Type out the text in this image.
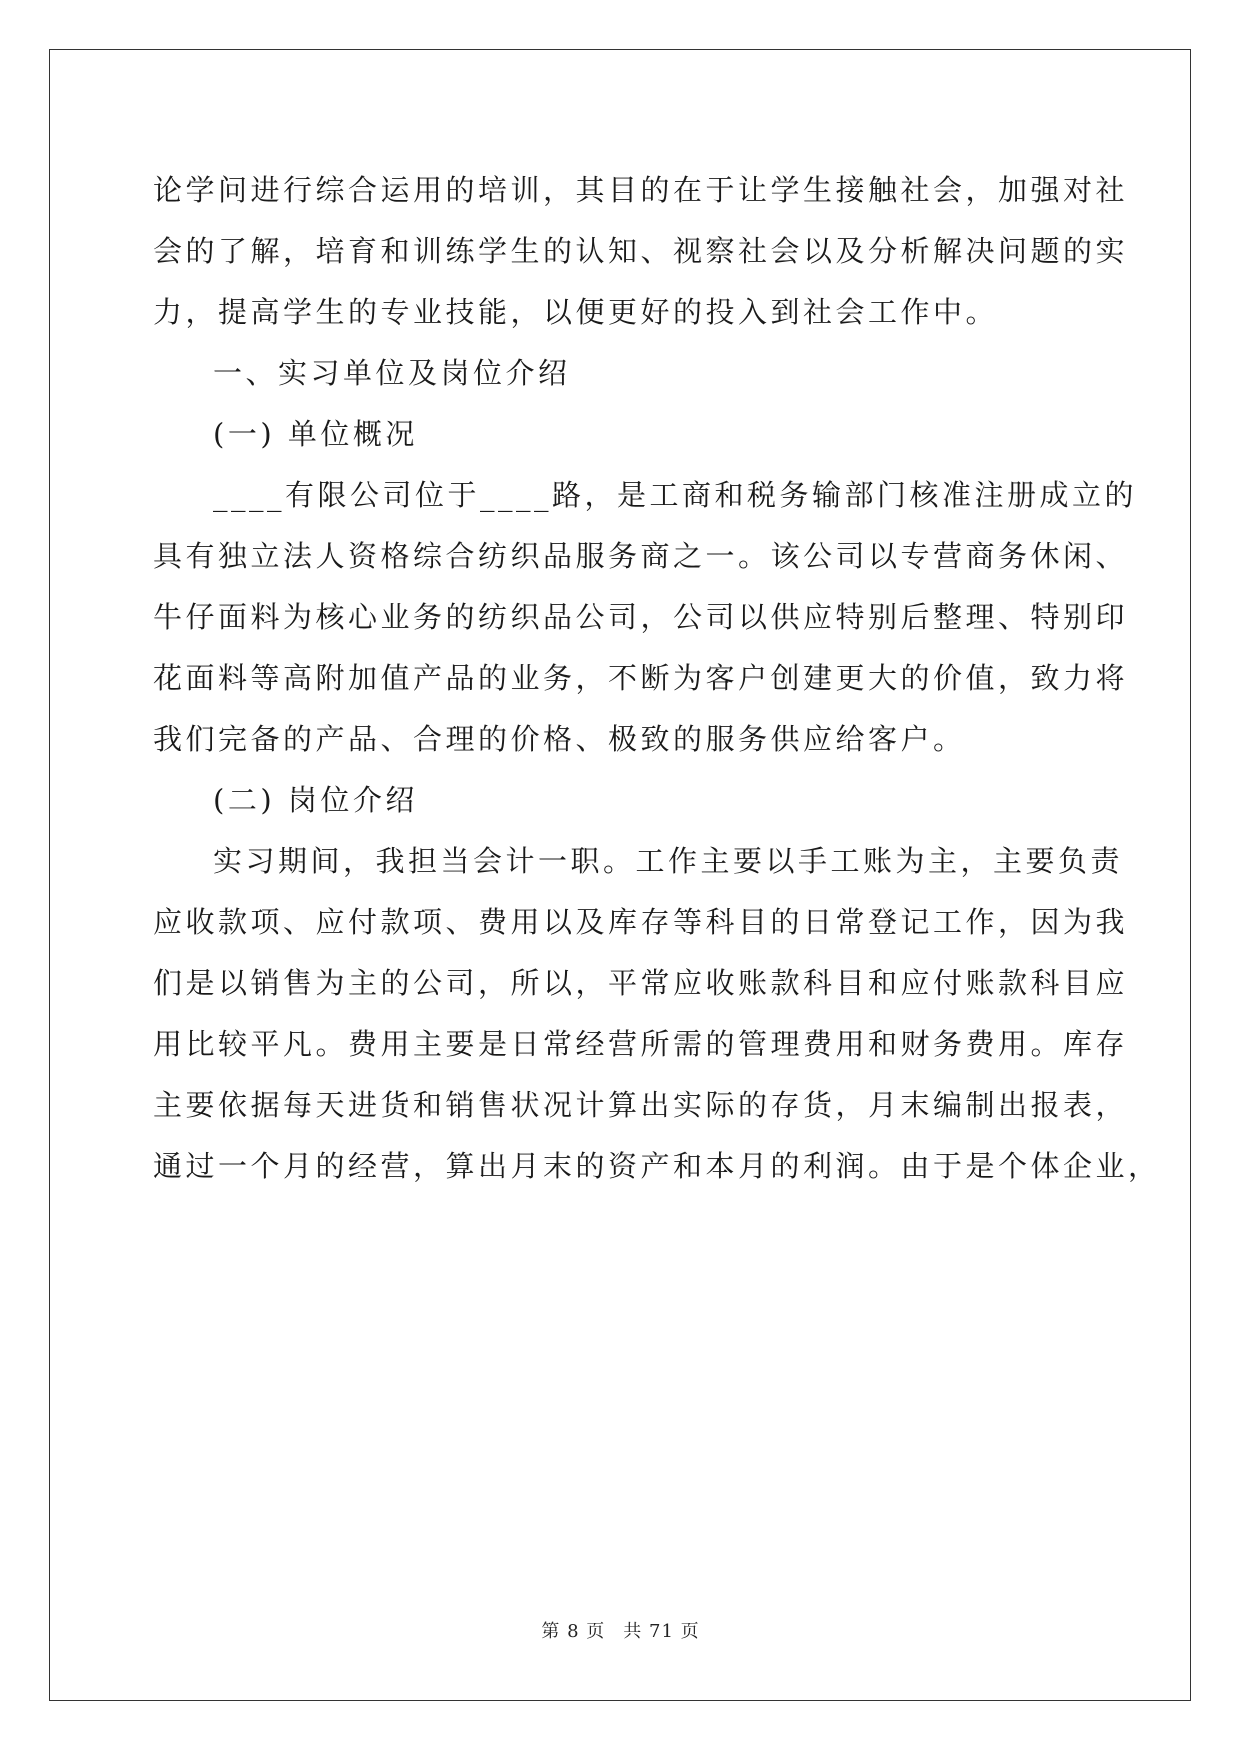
论学问进行综合运用的培训，其目的在于让学生接触社会，加强对社

会的了解，培育和训练学生的认知、视察社会以及分析解决问题的实

力，提高学生的专业技能，以便更好的投入到社会工作中。

一、实习单位及岗位介绍

(一) 单位概况

____有限公司位于____路，是工商和税务输部门核准注册成立的

具有独立法人资格综合纺织品服务商之一。该公司以专营商务休闲、

牛仔面料为核心业务的纺织品公司，公司以供应特别后整理、特别印

花面料等高附加值产品的业务，不断为客户创建更大的价值，致力将

我们完备的产品、合理的价格、极致的服务供应给客户。

(二) 岗位介绍

实习期间，我担当会计一职。工作主要以手工账为主，主要负责

应收款项、应付款项、费用以及库存等科目的日常登记工作，因为我

们是以销售为主的公司，所以，平常应收账款科目和应付账款科目应

用比较平凡。费用主要是日常经营所需的管理费用和财务费用。库存

主要依据每天进货和销售状况计算出实际的存货，月末编制出报表，

通过一个月的经营，算出月末的资产和本月的利润。由于是个体企业，

第 8 页 共 71 页
